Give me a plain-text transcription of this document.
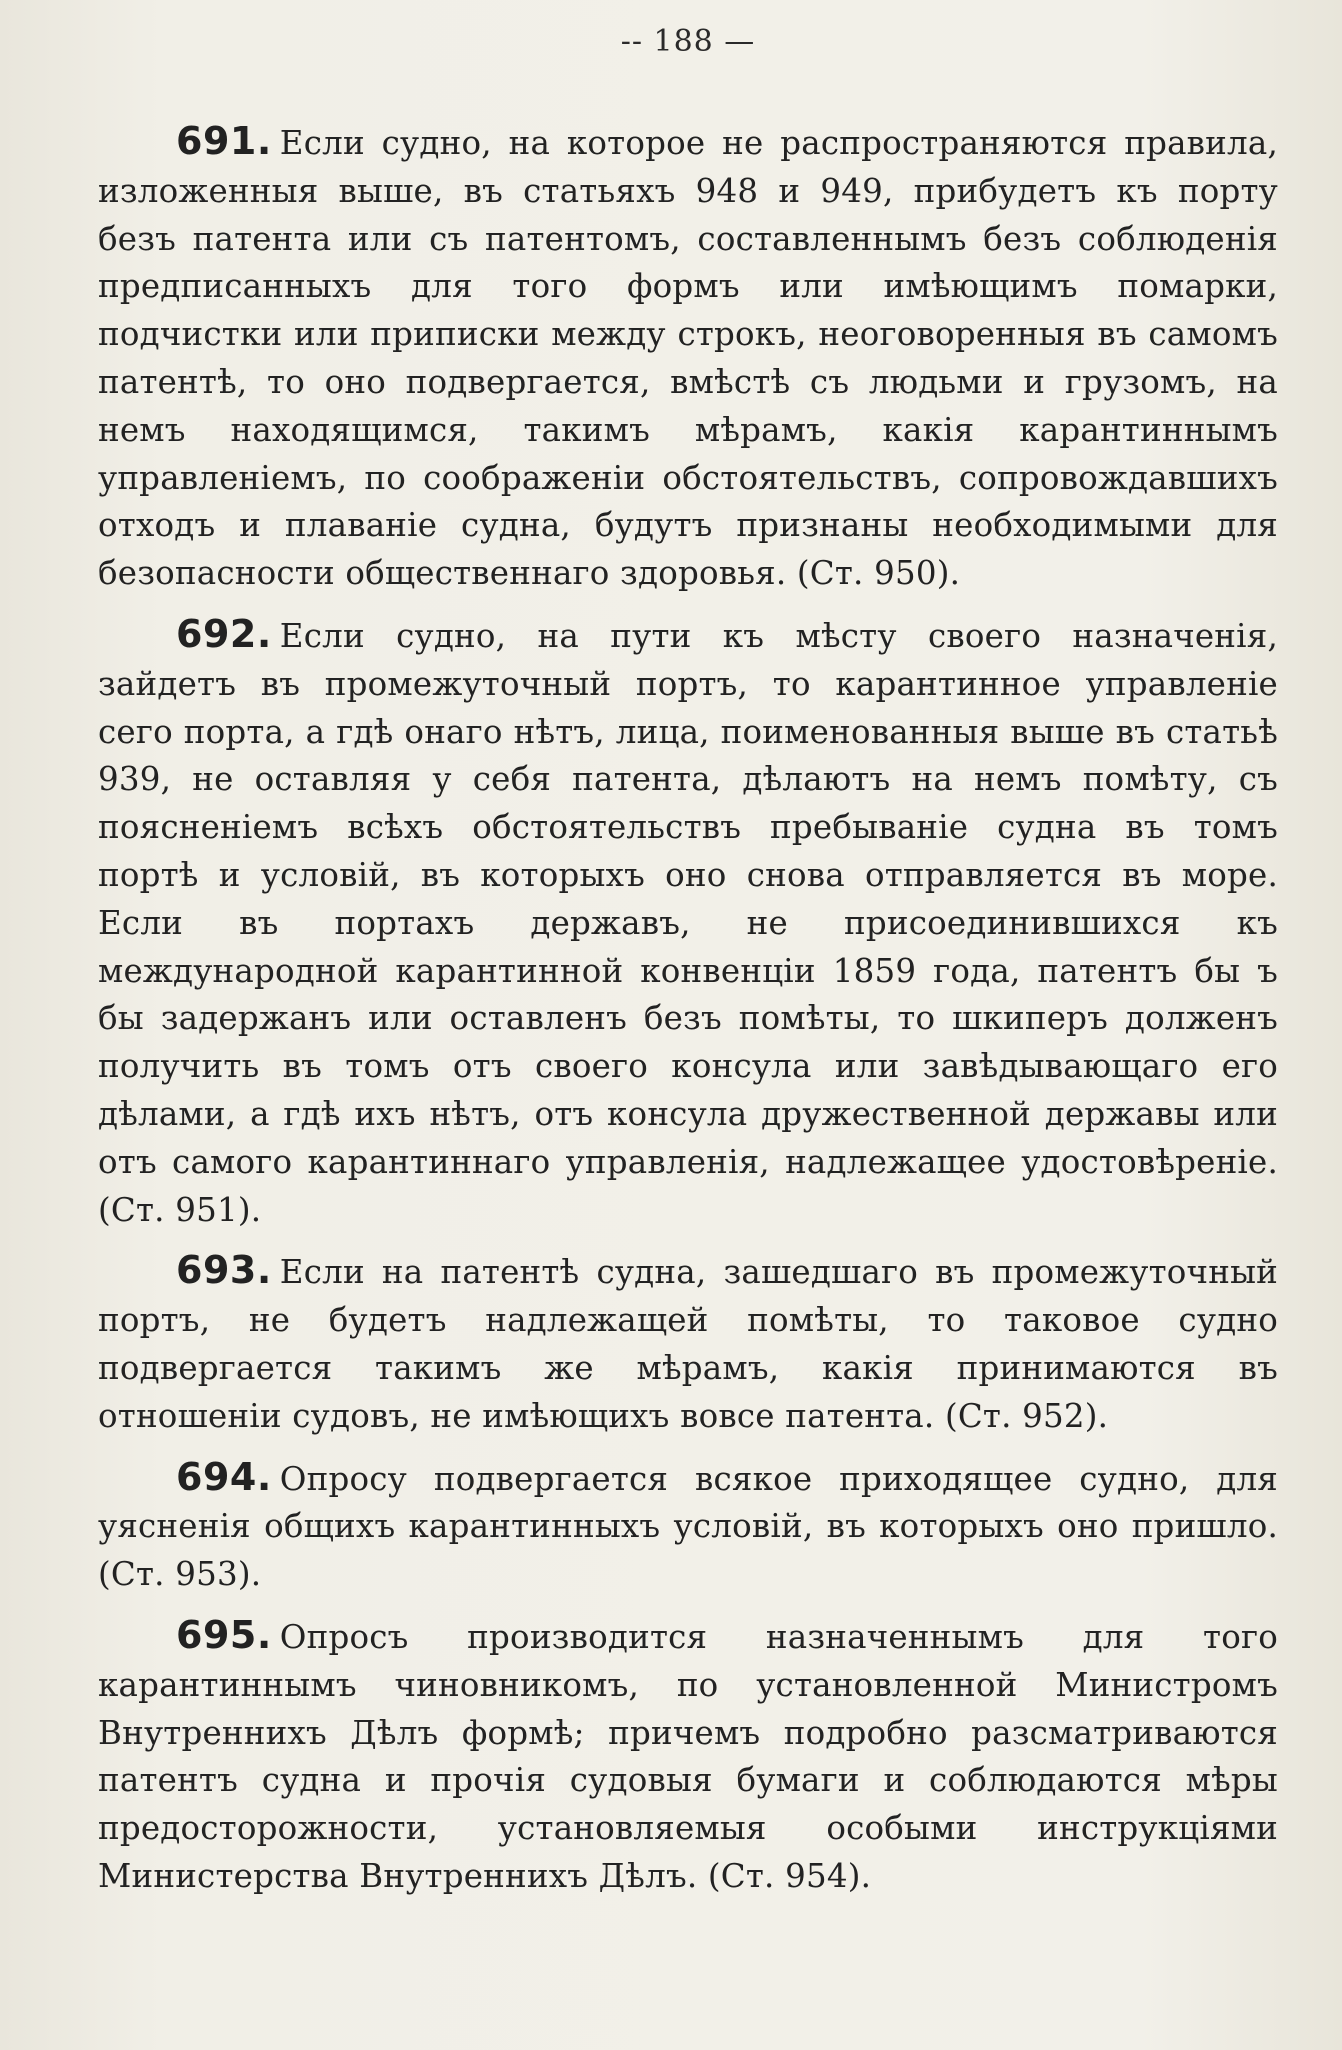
-- 188 —

691. Если судно, на которое не распространяются правила, изложенныя выше, въ статьяхъ 948 и 949, прибудетъ къ порту безъ патента или съ патентомъ, составленнымъ безъ соблюденія предписанныхъ для того формъ или имѣющимъ помарки, подчистки или приписки между строкъ, неоговоренныя въ самомъ патентѣ, то оно подвергается, вмѣстѣ съ людьми и грузомъ, на немъ находящимся, такимъ мѣрамъ, какія карантиннымъ управленіемъ, по соображеніи обстоятельствъ, сопровождавшихъ отходъ и плаваніе судна, будутъ признаны необходимыми для безопасности общественнаго здоровья. (Ст. 950).

692. Если судно, на пути къ мѣсту своего назначенія, зайдетъ въ промежуточный портъ, то карантинное управленіе сего порта, а гдѣ онаго нѣтъ, лица, поименованныя выше въ статьѣ 939, не оставляя у себя патента, дѣлаютъ на немъ помѣту, съ поясненіемъ всѣхъ обстоятельствъ пребываніе судна въ томъ портѣ и условій, въ которыхъ оно снова отправляется въ море. Если въ портахъ державъ, не присоединившихся къ международной карантинной конвенціи 1859 года, патентъ бы ъ бы задержанъ или оставленъ безъ помѣты, то шкиперъ долженъ получить въ томъ отъ своего консула или завѣдывающаго его дѣлами, а гдѣ ихъ нѣтъ, отъ консула дружественной державы или отъ самого карантиннаго управленія, надлежащее удостовѣреніе. (Ст. 951).

693. Если на патентѣ судна, зашедшаго въ промежуточный портъ, не будетъ надлежащей помѣты, то таковое судно подвергается такимъ же мѣрамъ, какія принимаются въ отношеніи судовъ, не имѣющихъ вовсе патента. (Ст. 952).

694. Опросу подвергается всякое приходящее судно, для уясненія общихъ карантинныхъ условій, въ которыхъ оно пришло. (Ст. 953).

695. Опросъ производится назначеннымъ для того карантиннымъ чиновникомъ, по установленной Министромъ Внутреннихъ Дѣлъ формѣ; причемъ подробно разсматриваются патентъ судна и прочія судовыя бумаги и соблюдаются мѣры предосторожности, установляемыя особыми инструкціями Министерства Внутреннихъ Дѣлъ. (Ст. 954).
